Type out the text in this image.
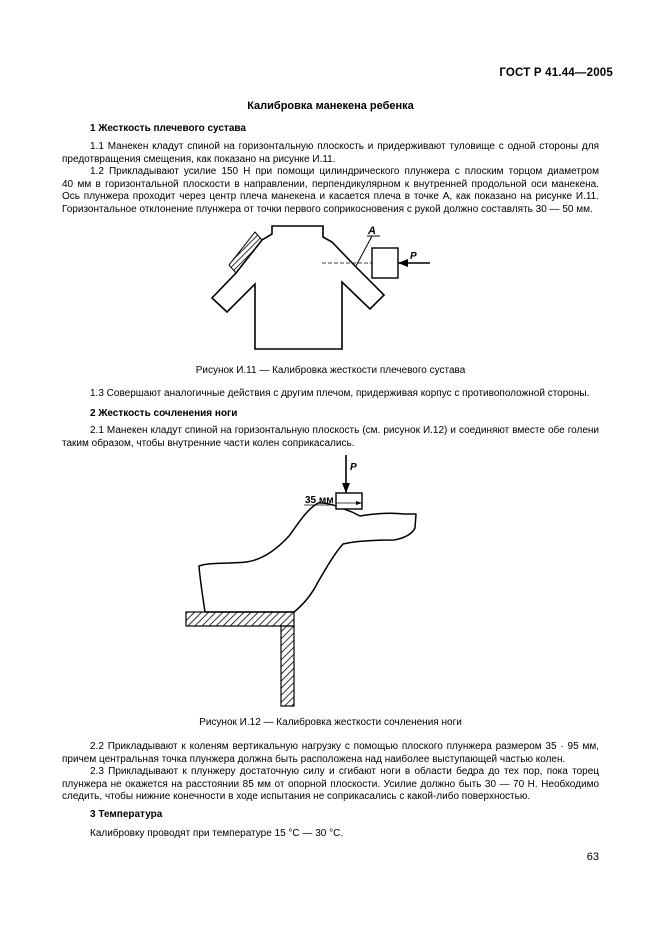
ГОСТ Р 41.44—2005
Калибровка манекена ребенка
1 Жесткость плечевого сустава
1.1 Манекен кладут спиной на горизонтальную плоскость и придерживают туловище с одной стороны для
предотвращения смещения, как показано на рисунке И.11.
1.2 Прикладывают усилие 150 Н при помощи цилиндрического плунжера с плоским торцом диаметром
40 мм в горизонтальной плоскости в направлении, перпендикулярном к внутренней продольной оси манекена.
Ось плунжера проходит через центр плеча манекена и касается плеча в точке А, как показано на рисунке И.11.
Горизонтальное отклонение плунжера от точки первого соприкосновения с рукой должно составлять 30 — 50 мм.
P
A
Рисунок И.11 — Калибровка жесткости плечевого сустава
1.3 Совершают аналогичные действия с другим плечом, придерживая корпус с противоположной стороны.
2 Жесткость сочленения ноги
2.1 Манекен кладут спиной на горизонтальную плоскость (см. рисунок И.12) и соединяют вместе обе голени
таким образом, чтобы внутренние части колен соприкасались.
P
35 мм
Рисунок И.12 — Калибровка жесткости сочленения ноги
2.2 Прикладывают к коленям вертикальную нагрузку с помощью плоского плунжера размером 35 · 95 мм,
причем центральная точка плунжера должна быть расположена над наиболее выступающей частью колен.
2.3 Прикладывают к плунжеру достаточную силу и сгибают ноги в области бедра до тех пор, пока торец
плунжера не окажется на расстоянии 85 мм от опорной плоскости. Усилие должно быть 30 — 70 Н. Необходимо
следить, чтобы нижние конечности в ходе испытания не соприкасались с какой-либо поверхностью.
3 Температура
Калибровку проводят при температуре 15 °C — 30 °C.
63
